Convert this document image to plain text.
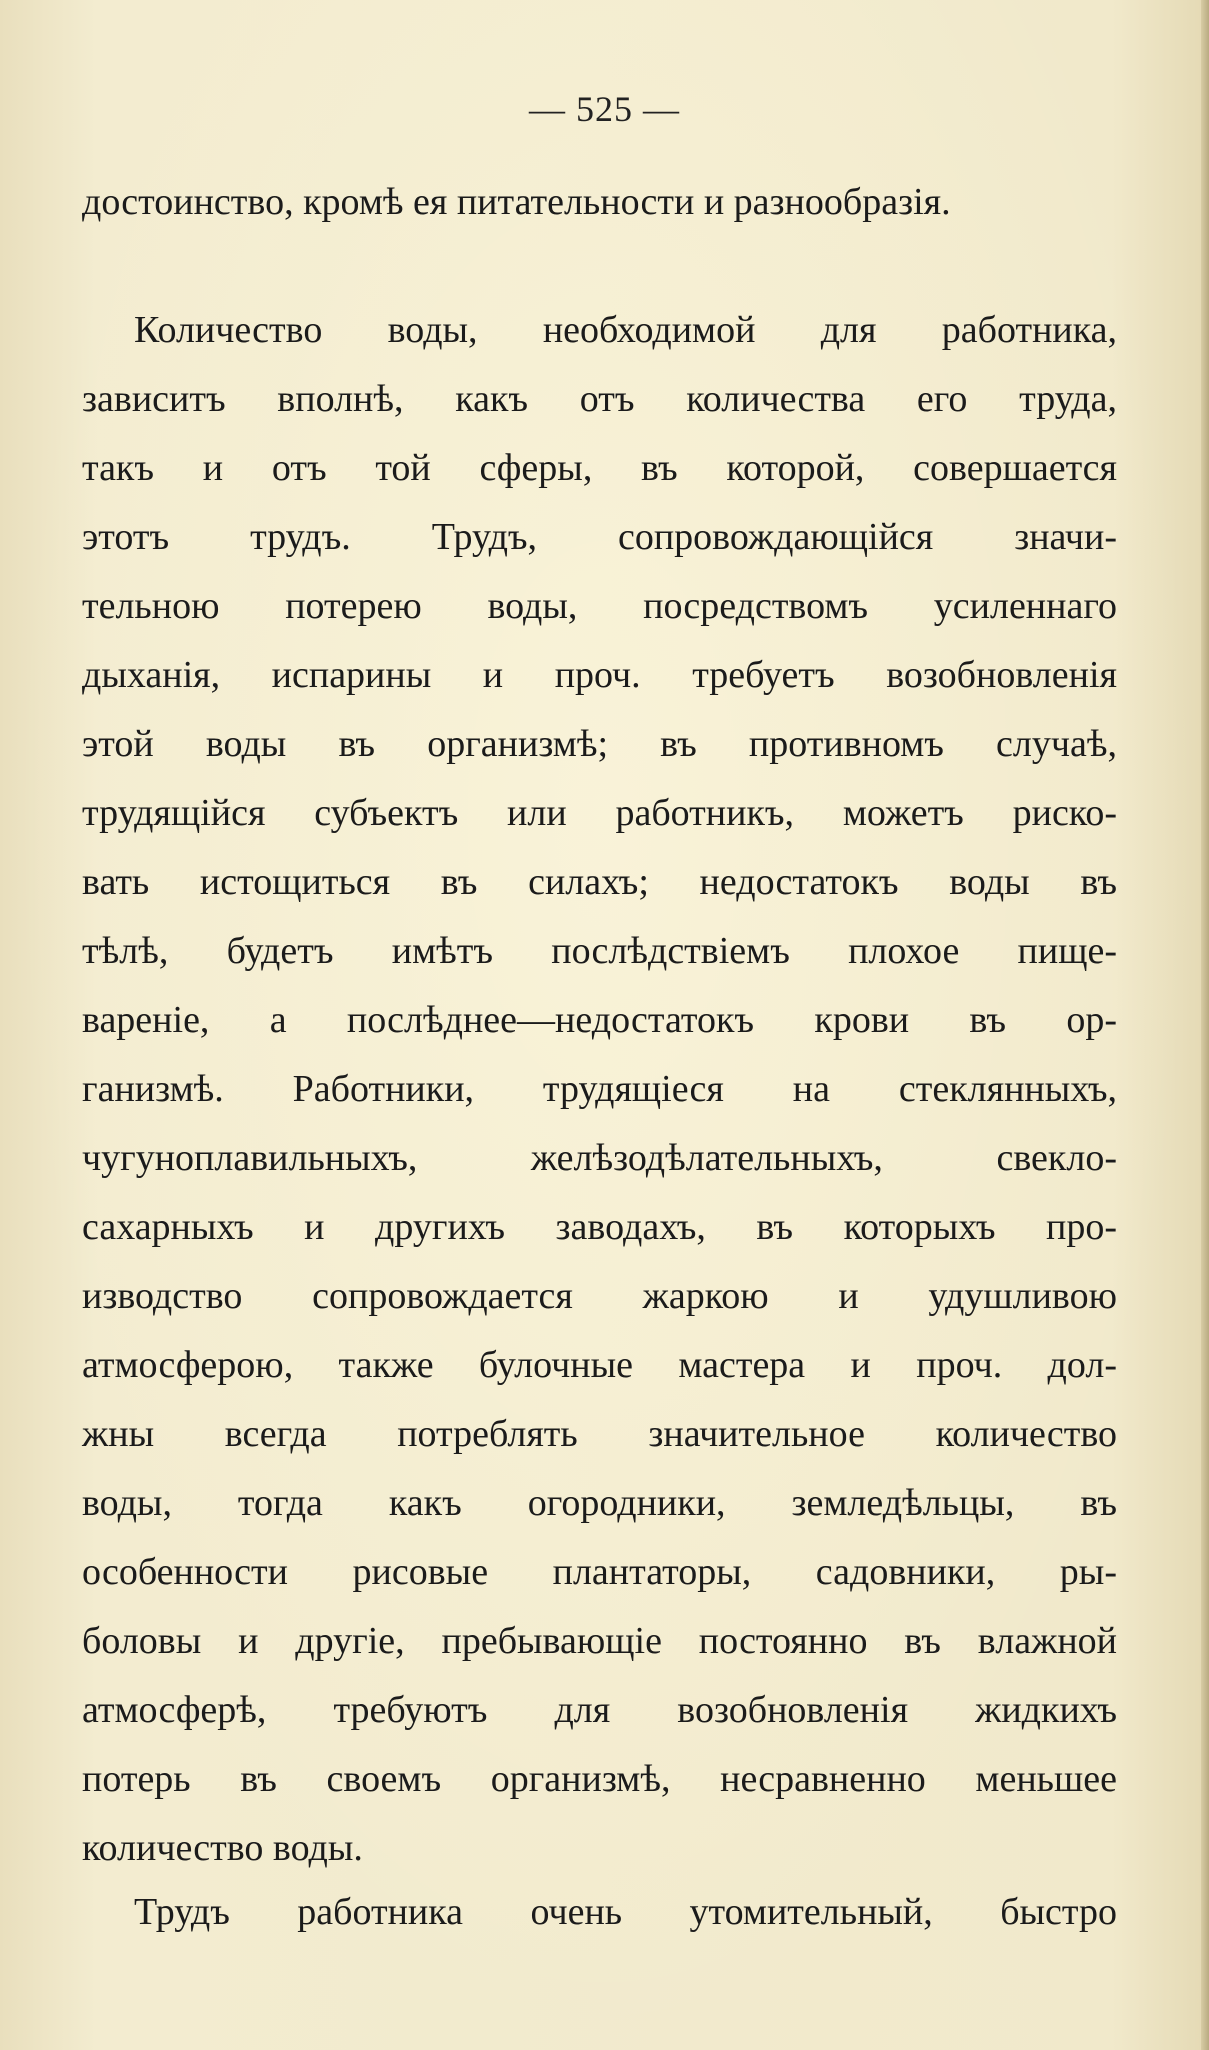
— 525 —
достоинство, кромѣ ея питательности и разнообразія.
Количество воды, необходимой для работника,
зависитъ вполнѣ, какъ отъ количества его труда,
такъ и отъ той сферы, въ которой, совершается
этотъ трудъ. Трудъ, сопровождающійся значи-
тельною потерею воды, посредствомъ усиленнаго
дыханія, испарины и проч. требуетъ возобновленія
этой воды въ организмѣ; въ противномъ случаѣ,
трудящійся субъектъ или работникъ, можетъ риско-
вать истощиться въ силахъ; недостатокъ воды въ
тѣлѣ, будетъ имѣтъ послѣдствіемъ плохое пище-
вареніе, а послѣднее—недостатокъ крови въ ор-
ганизмѣ. Работники, трудящіеся на стеклянныхъ,
чугуноплавильныхъ, желѣзодѣлательныхъ, свекло-
сахарныхъ и другихъ заводахъ, въ которыхъ про-
изводство сопровождается жаркою и удушливою
атмосферою, также булочные мастера и проч. дол-
жны всегда потреблять значительное количество
воды, тогда какъ огородники, земледѣльцы, въ
особенности рисовые плантаторы, садовники, ры-
боловы и другіе, пребывающіе постоянно въ влажной
атмосферѣ, требуютъ для возобновленія жидкихъ
потерь въ своемъ организмѣ, несравненно меньшее
количество воды.
Трудъ работника очень утомительный, быстро
